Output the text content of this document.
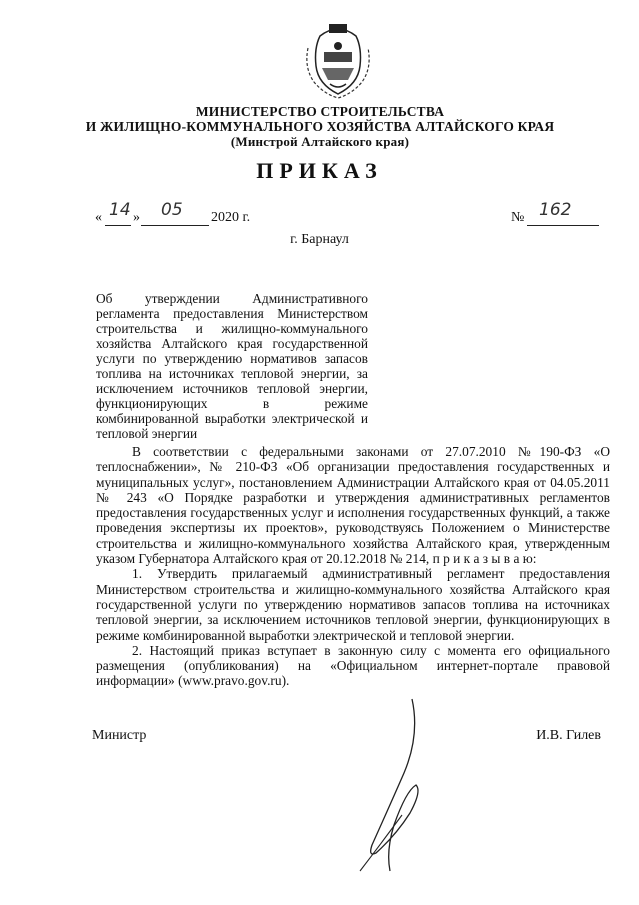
МИНИСТЕРСТВО СТРОИТЕЛЬСТВА
И ЖИЛИЩНО-КОММУНАЛЬНОГО ХОЗЯЙСТВА АЛТАЙСКОГО КРАЯ
(Минстрой Алтайского края)
ПРИКАЗ
« 14 » 05 2020 г.	№ 162
г. Барнаул

Об утверждении Административного регламента предоставления Министерством строительства и жилищно-коммунального хозяйства Алтайского края государственной услуги по утверждению нормативов запасов топлива на источниках тепловой энергии, за исключением источников тепловой энергии, функционирующих в режиме комбинированной выработки электрической и тепловой энергии

В соответствии с федеральными законами от 27.07.2010 №190-ФЗ «О теплоснабжении», № 210-ФЗ «Об организации предоставления государственных и муниципальных услуг», постановлением Администрации Алтайского края от 04.05.2011 № 243 «О Порядке разработки и утверждения административных регламентов предоставления государственных услуг и исполнения государственных функций, а также проведения экспертизы их проектов», руководствуясь Положением о Министерстве строительства и жилищно-коммунального хозяйства Алтайского края, утвержденным указом Губернатора Алтайского края от 20.12.2018 № 214, п р и к а з ы в а ю:

1. Утвердить прилагаемый административный регламент предоставления Министерством строительства и жилищно-коммунального хозяйства Алтайского края государственной услуги по утверждению нормативов запасов топлива на источниках тепловой энергии, за исключением источников тепловой энергии, функционирующих в режиме комбинированной выработки электрической и тепловой энергии.

2. Настоящий приказ вступает в законную силу с момента его официального размещения (опубликования) на «Официальном интернет-портале правовой информации» (www.pravo.gov.ru).

Министр	И.В. Гилев
